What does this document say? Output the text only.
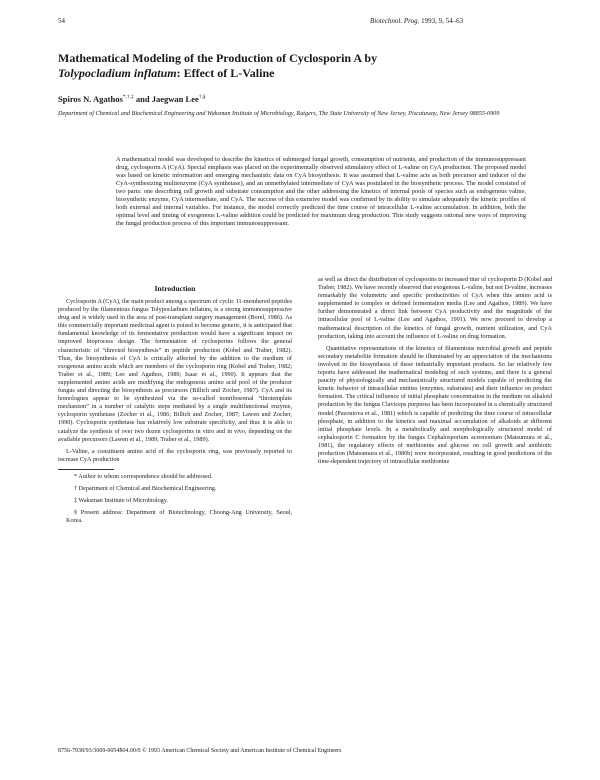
54	Biotechnol. Prog. 1993, 9, 54–63
Mathematical Modeling of the Production of Cyclosporin A by
Tolypocladium inflatum: Effect of L-Valine
Spiros N. Agathos*,†,‡ and Jaegwan Lee†,§
Department of Chemical and Biochemical Engineering and Waksman Institute of Microbiology, Rutgers, The State University of New Jersey, Piscataway, New Jersey 08855-0909

A mathematical model was developed to describe the kinetics of submerged fungal growth, consumption of nutrients, and production of the immunosuppressant drug, cyclosporin A (CyA). Special emphasis was placed on the experimentally observed stimulatory effect of L-valine on CyA production. The proposed model was based on kinetic information and emerging mechanistic data on CyA biosynthesis. It was assumed that L-valine acts as both precursor and inducer of the CyA-synthesizing multienzyme (CyA synthetase), and an unmethylated intermediate of CyA was postulated in the biosynthetic process. The model consisted of two parts: one describing cell growth and substrate consumption and the other addressing the kinetics of internal pools of species such as endogenous valine, biosynthetic enzyme, CyA intermediate, and CyA. The success of this extensive model was confirmed by its ability to simulate adequately the kinetic profiles of both external and internal variables. For instance, the model correctly predicted the time course of intracellular L-valine accumulation. In addition, both the optimal level and timing of exogenous L-valine addition could be predicted for maximum drug production. This study suggests rational new ways of improving the fungal production process of this important immunosuppressant.

Introduction

Cyclosporin A (CyA), the main product among a spectrum of cyclic 11-membered peptides produced by the filamentous fungus Tolypocladium inflatum, is a strong immunosuppressive drug and is widely used in the area of post-transplant surgery management (Borel, 1986). As this commercially important medicinal agent is poised to become generic, it is anticipated that fundamental knowledge of its fermentative production would have a significant impact on improved bioprocess design. The fermentation of cyclosporins follows the general characteristic of “directed biosynthesis” in peptide production (Kobel and Traber, 1982). Thus, the biosynthesis of CyA is critically affected by the addition to the medium of exogenous amino acids which are members of the cyclosporin ring (Kobel and Traber, 1982; Traber et al., 1989; Lee and Agathos, 1989; Isaac et al., 1990). It appears that the supplemented amino acids are modifying the endogenous amino acid pool of the producer fungus and directing the biosynthesis as precursors (Billich and Zocher, 1987). CyA and its homologues appear to be synthesized via the so-called nonribosomal “thiotemplate mechanism” in a number of catalytic steps mediated by a single multifunctional enzyme, cyclosporin synthetase (Zocher et al., 1986; Billich and Zocher, 1987; Lawen and Zocher, 1990). Cyclosporin synthetase has relatively low substrate specificity, and thus it is able to catalyze the synthesis of over two dozen cyclosporins in vitro and in vivo, depending on the available precursors (Lawen et al., 1989; Traber et al., 1989).

L-Valine, a constituent amino acid of the cyclosporin ring, was previously reported to increase CyA production

* Author to whom correspondence should be addressed.

† Department of Chemical and Biochemical Engineering.

‡ Waksman Institute of Microbiology.

§ Present address: Department of Biotechnology, Choong-Ang University, Seoul, Korea.

as well as direct the distribution of cyclosporins to increased titer of cyclosporin D (Kobel and Traber, 1982). We have recently observed that exogenous L-valine, but not D-valine, increases remarkably the volumetric and specific productivities of CyA when this amino acid is supplemented to complex or defined fermentation media (Lee and Agathos, 1989). We have further demonstrated a direct link between CyA productivity and the magnitude of the intracellular pool of L-valine (Lee and Agathos, 1991). We now proceed to develop a mathematical description of the kinetics of fungal growth, nutrient utilization, and CyA production, taking into account the influence of L-valine on drug formation.

Quantitative representations of the kinetics of filamentous microbial growth and peptide secondary metabolite formation should be illuminated by an appreciation of the mechanisms involved in the biosynthesis of these industrially important products. So far relatively few reports have addressed the mathematical modeling of such systems, and there is a general paucity of physiologically and mechanistically structured models capable of predicting the kinetic behavior of intracellular entities (enzymes, substrates) and their influence on product formation. The critical influence of initial phosphate concentration in the medium on alkaloid production by the fungus Claviceps purpurea has been incorporated in a chemically structured model (Pazoutova et al., 1981) which is capable of predicting the time course of intracellular phosphate, in addition to the kinetics and maximal accumulation of alkaloids at different initial phosphate levels. In a metabolically and morphologically structured model of cephalosporin C formation by the fungus Cephalosporium acremonium (Matsumura et al., 1981), the regulatory effects of methionine and glucose on cell growth and antibiotic production (Matsumura et al., 1980b) were incorporated, resulting in good predictions of the time-dependent trajectory of intracellular methionine

8756-7938/93/3009-0054$04.00/0 © 1993 American Chemical Society and American Institute of Chemical Engineers
